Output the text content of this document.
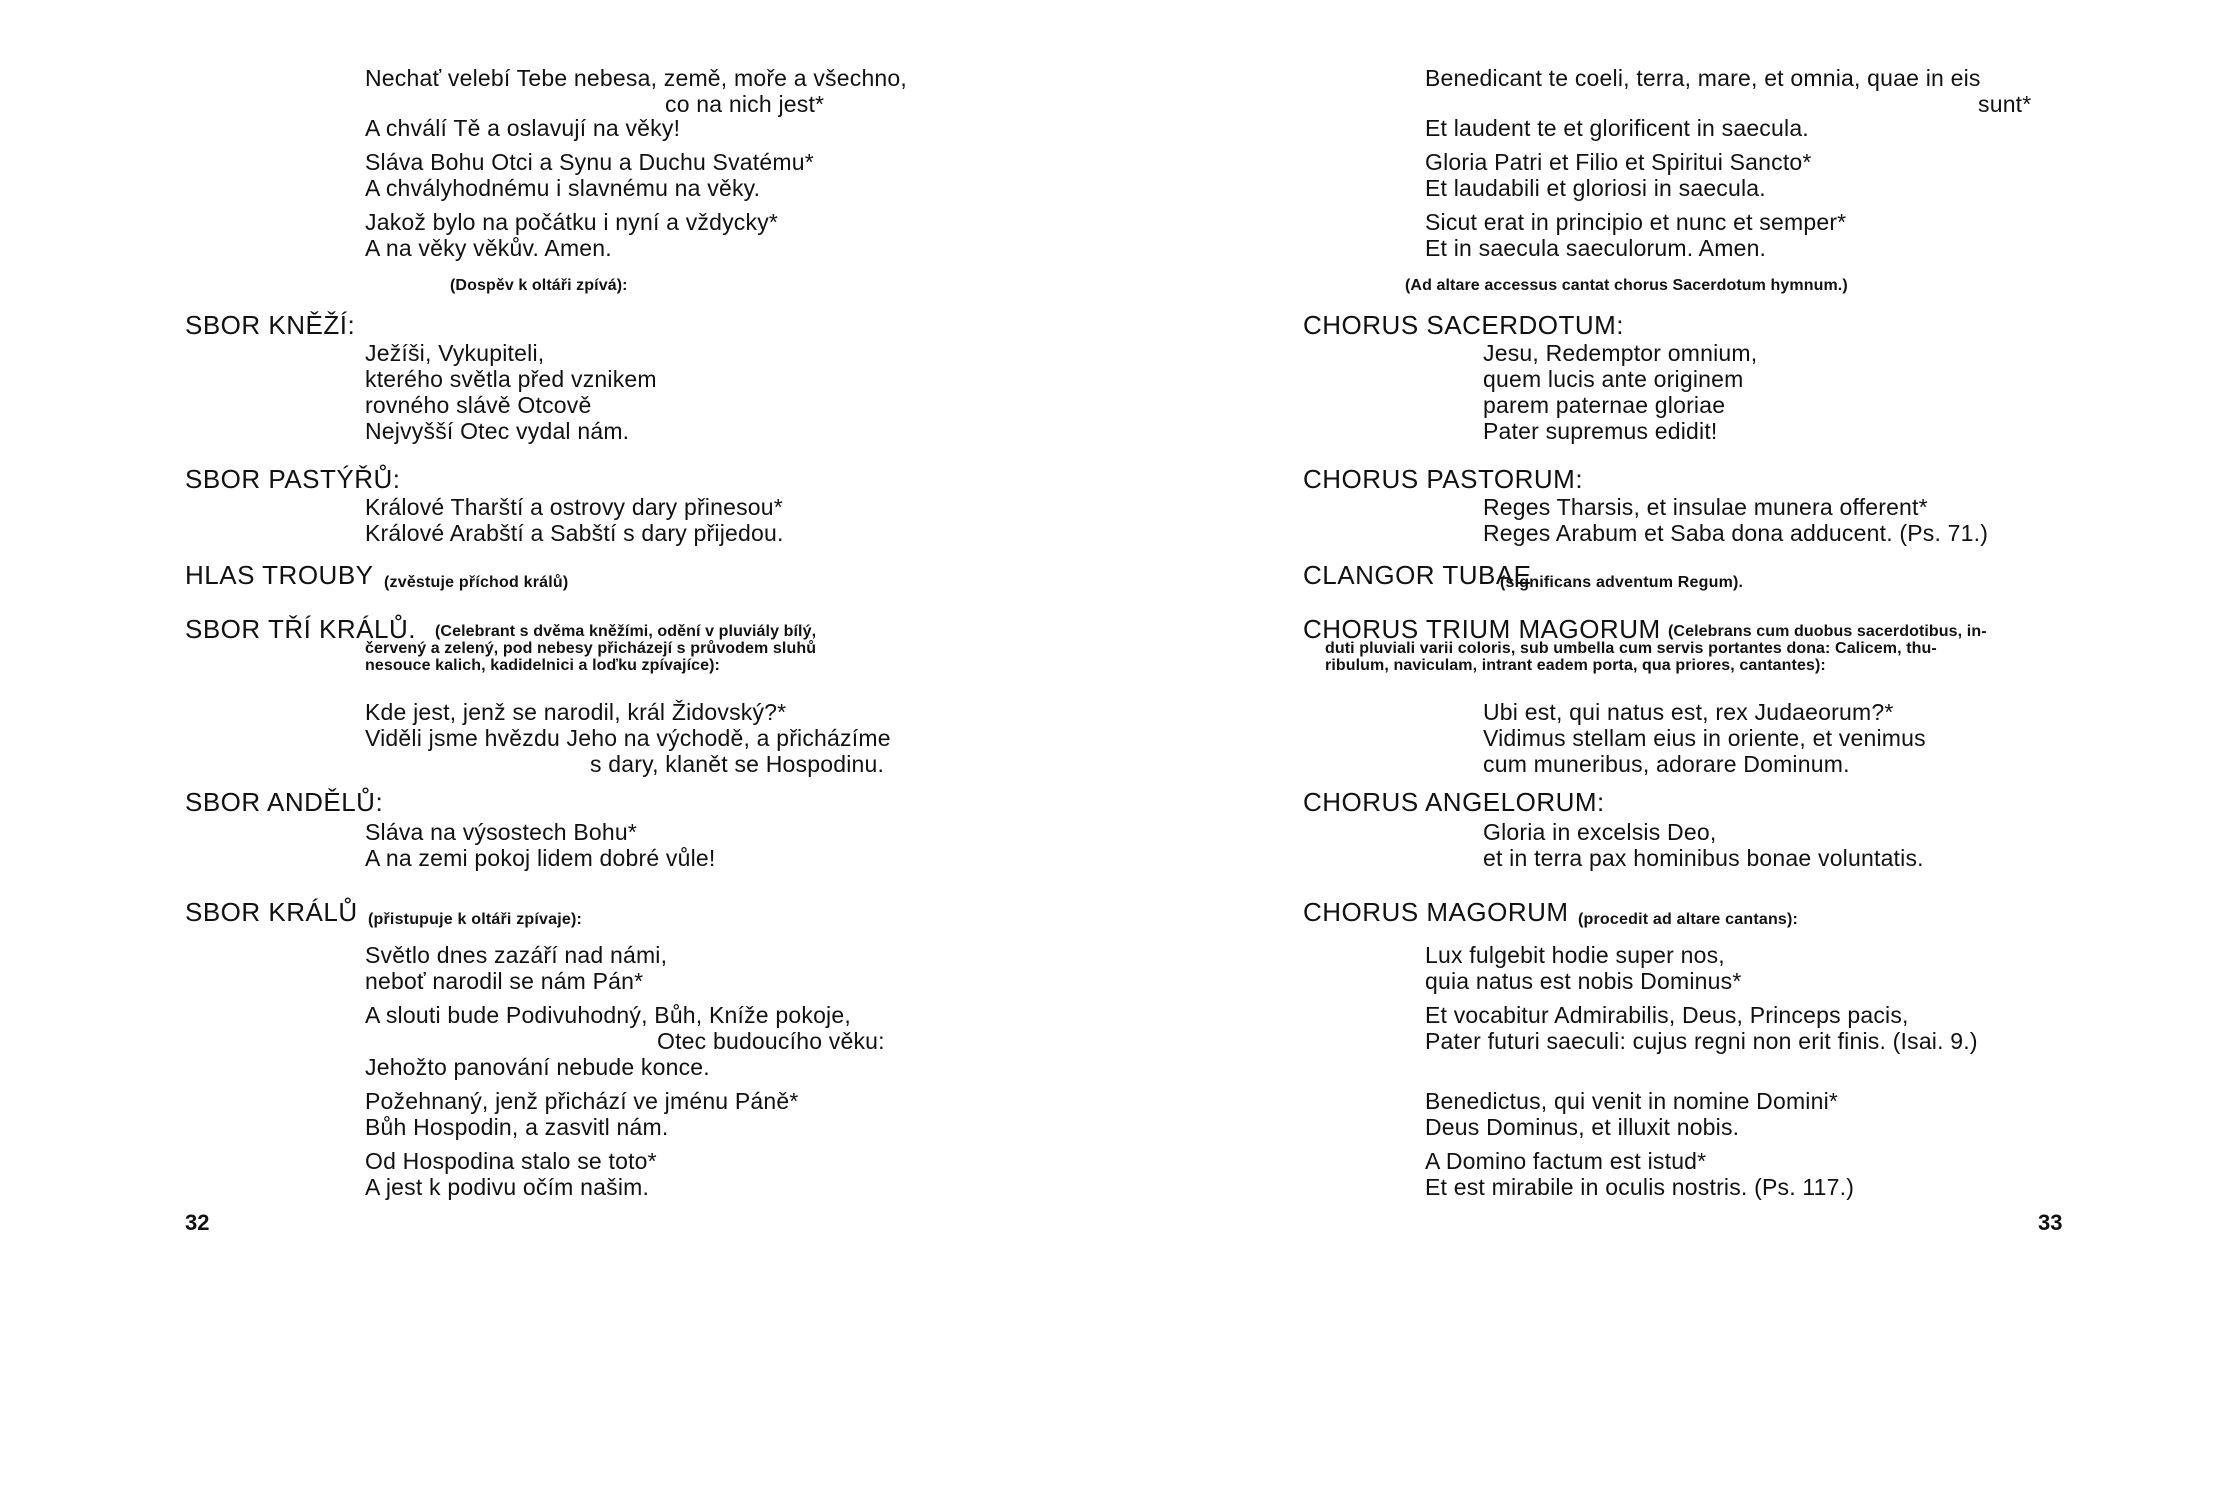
Nechať velebí Tebe nebesa, země, moře a všechno,
co na nich jest*
A chválí Tě a oslavují na věky!
Sláva Bohu Otci a Synu a Duchu Svatému*
A chvályhodnému i slavnému na věky.
Jakož bylo na počátku i nyní a vždycky*
A na věky věkův. Amen.
(Dospěv k oltáři zpívá):
SBOR KNĚŽÍ:
Ježíši, Vykupiteli,
kterého světla před vznikem
rovného slávě Otcově
Nejvyšší Otec vydal nám.
SBOR PASTÝŘŮ:
Králové Tharští a ostrovy dary přinesou*
Králové Arabští a Sabští s dary přijedou.
HLAS TROUBY (zvěstuje příchod králů)
SBOR TŘÍ KRÁLŮ. (Celebrant s dvěma kněžími, odění v pluviály bílý,
červený a zelený, pod nebesy přicházejí s průvodem sluhů
nesouce kalich, kadidelnici a loďku zpívajíce):
Kde jest, jenž se narodil, král Židovský?*
Viděli jsme hvězdu Jeho na východě, a přicházíme
s dary, klanět se Hospodinu.
SBOR ANDĚLŮ:
Sláva na výsostech Bohu*
A na zemi pokoj lidem dobré vůle!
SBOR KRÁLŮ (přistupuje k oltáři zpívaje):
Světlo dnes zazáří nad námi,
neboť narodil se nám Pán*
A slouti bude Podivuhodný, Bůh, Kníže pokoje,
Otec budoucího věku:
Jehožto panování nebude konce.
Požehnaný, jenž přichází ve jménu Páně*
Bůh Hospodin, a zasvitl nám.
Od Hospodina stalo se toto*
A jest k podivu očím našim.
32
Benedicant te coeli, terra, mare, et omnia, quae in eis
sunt*
Et laudent te et glorificent in saecula.
Gloria Patri et Filio et Spiritui Sancto*
Et laudabili et gloriosi in saecula.
Sicut erat in principio et nunc et semper*
Et in saecula saeculorum. Amen.
(Ad altare accessus cantat chorus Sacerdotum hymnum.)
CHORUS SACERDOTUM:
Jesu, Redemptor omnium,
quem lucis ante originem
parem paternae gloriae
Pater supremus edidit!
CHORUS PASTORUM:
Reges Tharsis, et insulae munera offerent*
Reges Arabum et Saba dona adducent. (Ps. 71.)
CLANGOR TUBAE
(significans adventum Regum).
CHORUS TRIUM MAGORUM (Celebrans cum duobus sacerdotibus, in-
duti pluviali varii coloris, sub umbella cum servis portantes dona: Calicem, thu-
ribulum, naviculam, intrant eadem porta, qua priores, cantantes):
Ubi est, qui natus est, rex Judaeorum?*
Vidimus stellam eius in oriente, et venimus
cum muneribus, adorare Dominum.
CHORUS ANGELORUM:
Gloria in excelsis Deo,
et in terra pax hominibus bonae voluntatis.
CHORUS MAGORUM (procedit ad altare cantans):
Lux fulgebit hodie super nos,
quia natus est nobis Dominus*
Et vocabitur Admirabilis, Deus, Princeps pacis,
Pater futuri saeculi: cujus regni non erit finis. (Isai. 9.)
Benedictus, qui venit in nomine Domini*
Deus Dominus, et illuxit nobis.
A Domino factum est istud*
Et est mirabile in oculis nostris. (Ps. 117.)
33
